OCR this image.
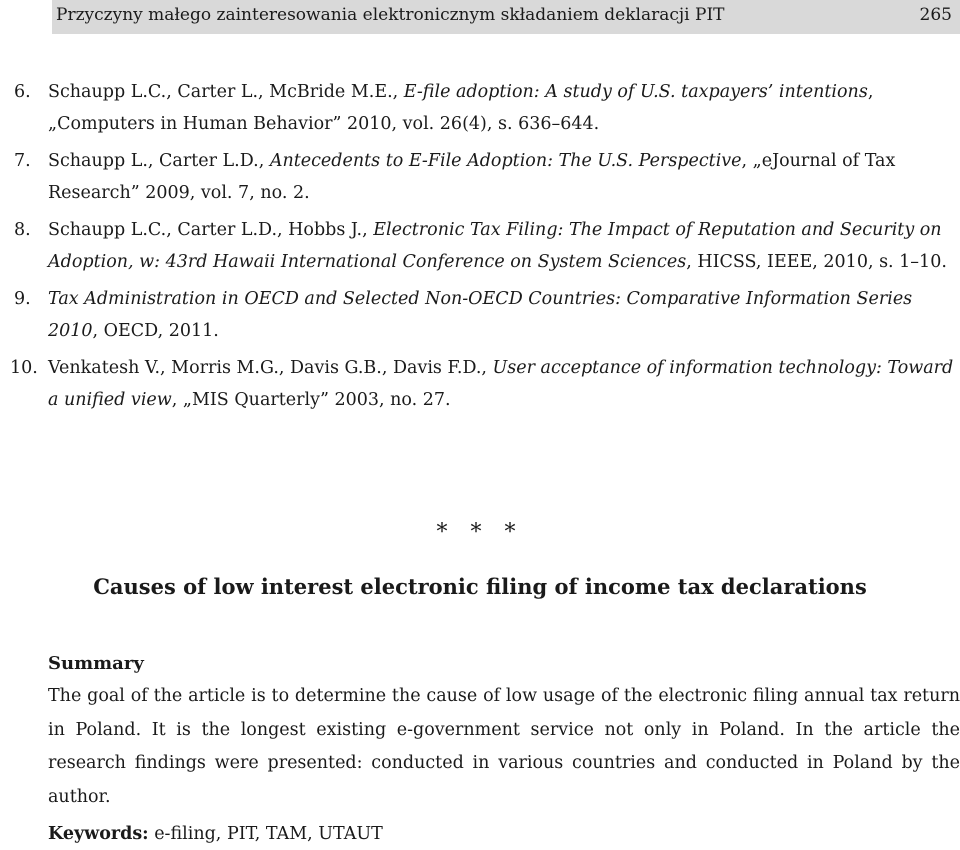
Przyczyny małego zainteresowania elektronicznym składaniem deklaracji PIT	265
6. Schaupp L.C., Carter L., McBride M.E., E-file adoption: A study of U.S. taxpayers’ intentions, „Computers in Human Behavior” 2010, vol. 26(4), s. 636–644.
7. Schaupp L., Carter L.D., Antecedents to E-File Adoption: The U.S. Perspective, „eJournal of Tax Research” 2009, vol. 7, no. 2.
8. Schaupp L.C., Carter L.D., Hobbs J., Electronic Tax Filing: The Impact of Reputation and Security on Adoption, w: 43rd Hawaii International Conference on System Sciences, HICSS, IEEE, 2010, s. 1–10.
9. Tax Administration in OECD and Selected Non-OECD Countries: Comparative Information Series 2010, OECD, 2011.
10. Venkatesh V., Morris M.G., Davis G.B., Davis F.D., User acceptance of information technology: Toward a unified view, „MIS Quarterly” 2003, no. 27.
* * *
Causes of low interest electronic filing of income tax declarations
Summary
The goal of the article is to determine the cause of low usage of the electronic filing annual tax return in Poland. It is the longest existing e-government service not only in Poland. In the article the research findings were presented: conducted in various countries and conducted in Poland by the author.
Keywords: e-filing, PIT, TAM, UTAUT
